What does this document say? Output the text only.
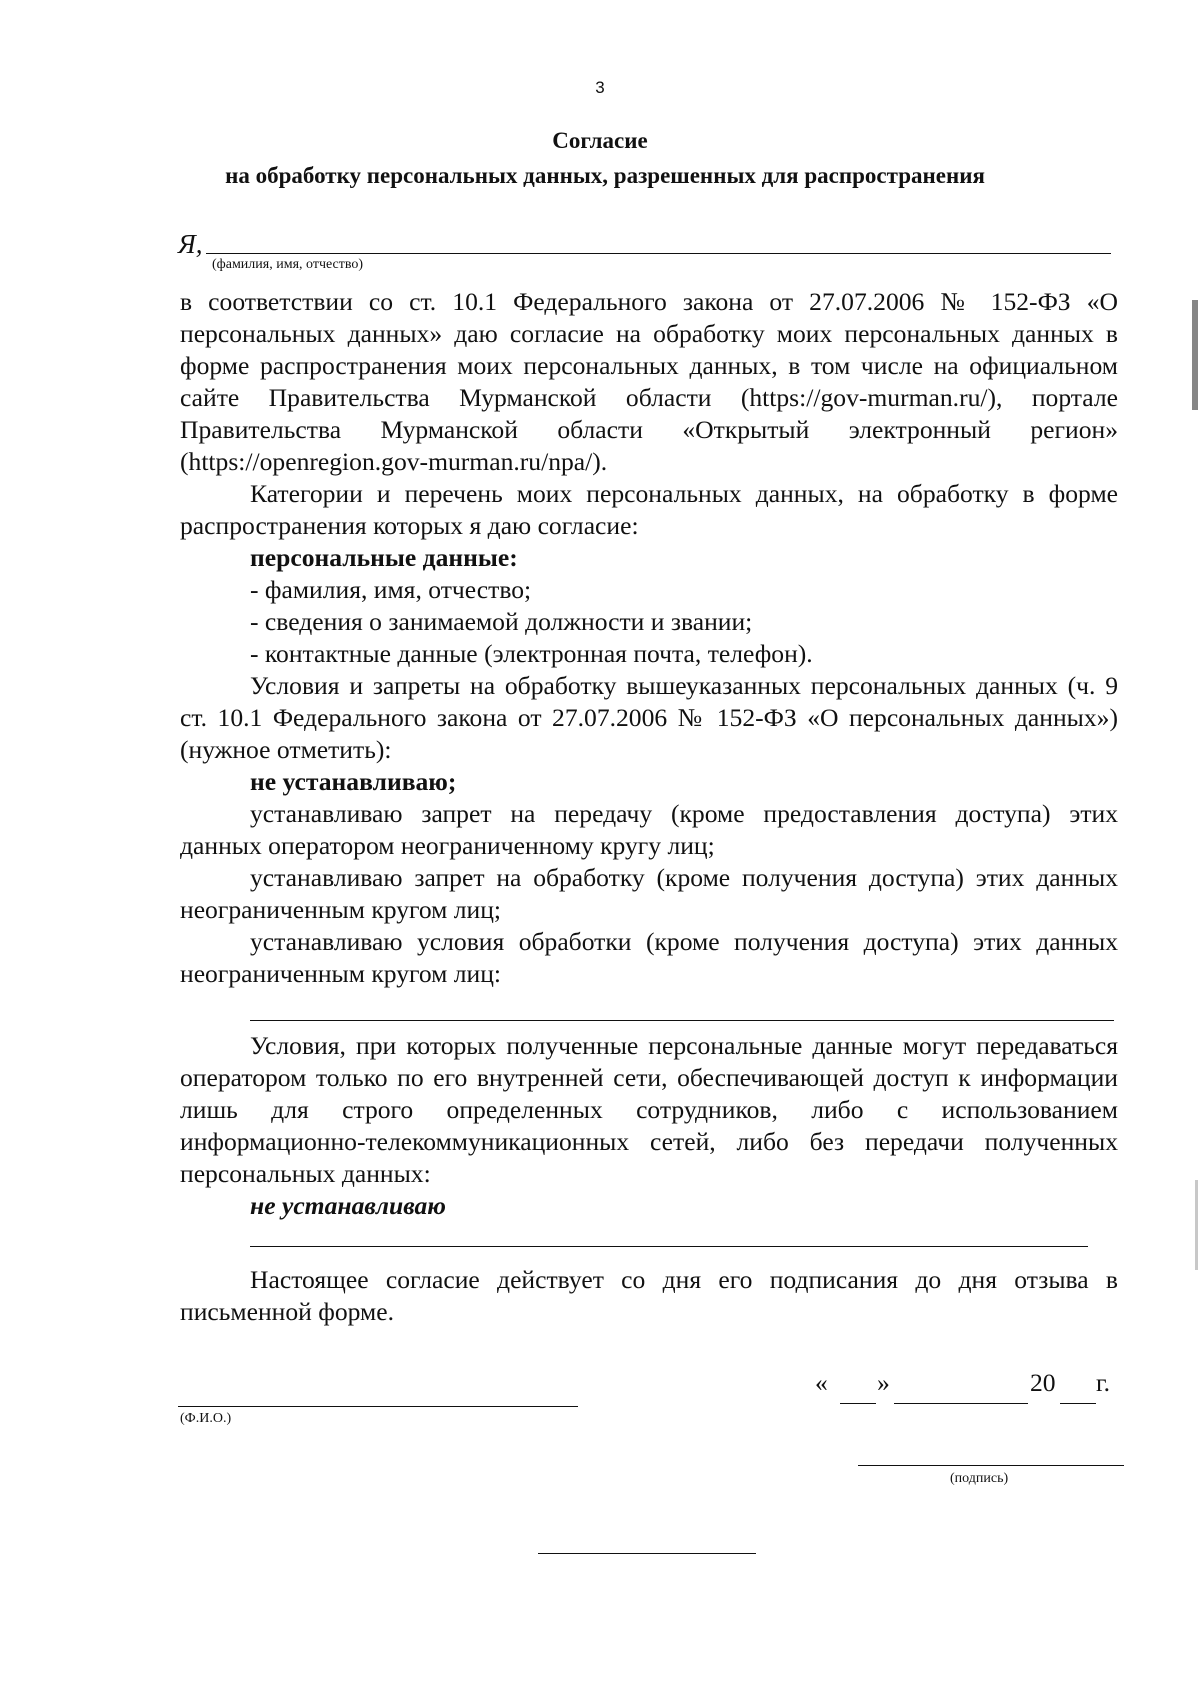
3
Согласие
на обработку персональных данных, разрешенных для распространения
Я,
(фамилия, имя, отчество)

в соответствии со ст. 10.1 Федерального закона от 27.07.2006 № 152-ФЗ «О персональных данных» даю согласие на обработку моих персональных данных в форме распространения моих персональных данных, в том числе на официальном сайте Правительства Мурманской области (https://gov-murman.ru/), портале Правительства Мурманской области «Открытый электронный регион» (https://openregion.gov-murman.ru/npa/).

Категории и перечень моих персональных данных, на обработку в форме распространения которых я даю согласие:

персональные данные:
- фамилия, имя, отчество;
- сведения о занимаемой должности и звании;
- контактные данные (электронная почта, телефон).

Условия и запреты на обработку вышеуказанных персональных данных (ч. 9 ст. 10.1 Федерального закона от 27.07.2006 № 152-ФЗ «О персональных данных»)(нужное отметить):

не устанавливаю;

устанавливаю запрет на передачу (кроме предоставления доступа) этих данных оператором неограниченному кругу лиц;

устанавливаю запрет на обработку (кроме получения доступа) этих данных неограниченным кругом лиц;

устанавливаю условия обработки (кроме получения доступа) этих данных неограниченным кругом лиц:

Условия, при которых полученные персональные данные могут передаваться оператором только по его внутренней сети, обеспечивающей доступ к информации лишь для строго определенных сотрудников, либо с использованием информационно-телекоммуникационных сетей, либо без передачи полученных персональных данных:

не устанавливаю

Настоящее согласие действует со дня его подписания до дня отзыва в письменной форме.

« »	20 г.
(Ф.И.О.)
(подпись)
